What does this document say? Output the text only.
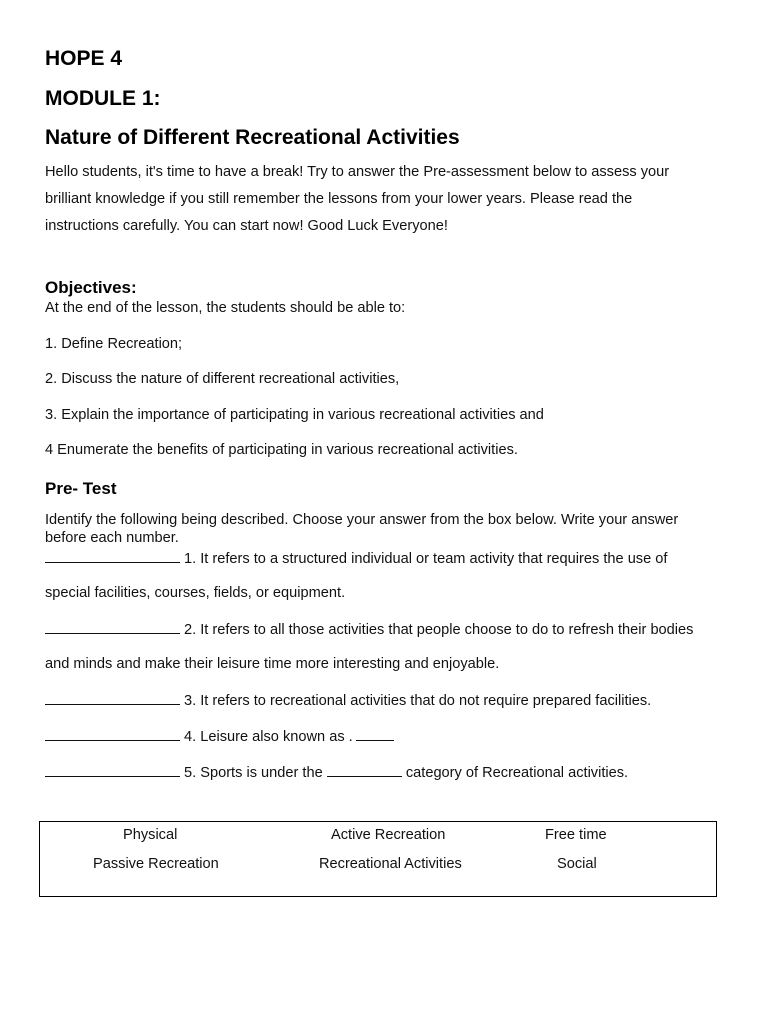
HOPE 4
MODULE 1:
Nature of Different Recreational Activities
Hello students, it's time to have a break! Try to answer the Pre-assessment below to assess your
brilliant knowledge if you still remember the lessons from your lower years. Please read the
instructions carefully. You can start now! Good Luck Everyone!
Objectives:
At the end of the lesson, the students should be able to:
1. Define Recreation;
2. Discuss the nature of different recreational activities,
3. Explain the importance of participating in various recreational activities and
4 Enumerate the benefits of participating in various recreational activities.
Pre- Test
Identify the following being described. Choose your answer from the box below. Write your answer
before each number.
1. It refers to a structured individual or team activity that requires the use of
special facilities, courses, fields, or equipment.
2. It refers to all those activities that people choose to do to refresh their bodies
and minds and make their leisure time more interesting and enjoyable.
3. It refers to recreational activities that do not require prepared facilities.
4. Leisure also known as .
5. Sports is under the	category of Recreational activities.
Physical	Active Recreation	Free time
Passive Recreation	Recreational Activities	Social
